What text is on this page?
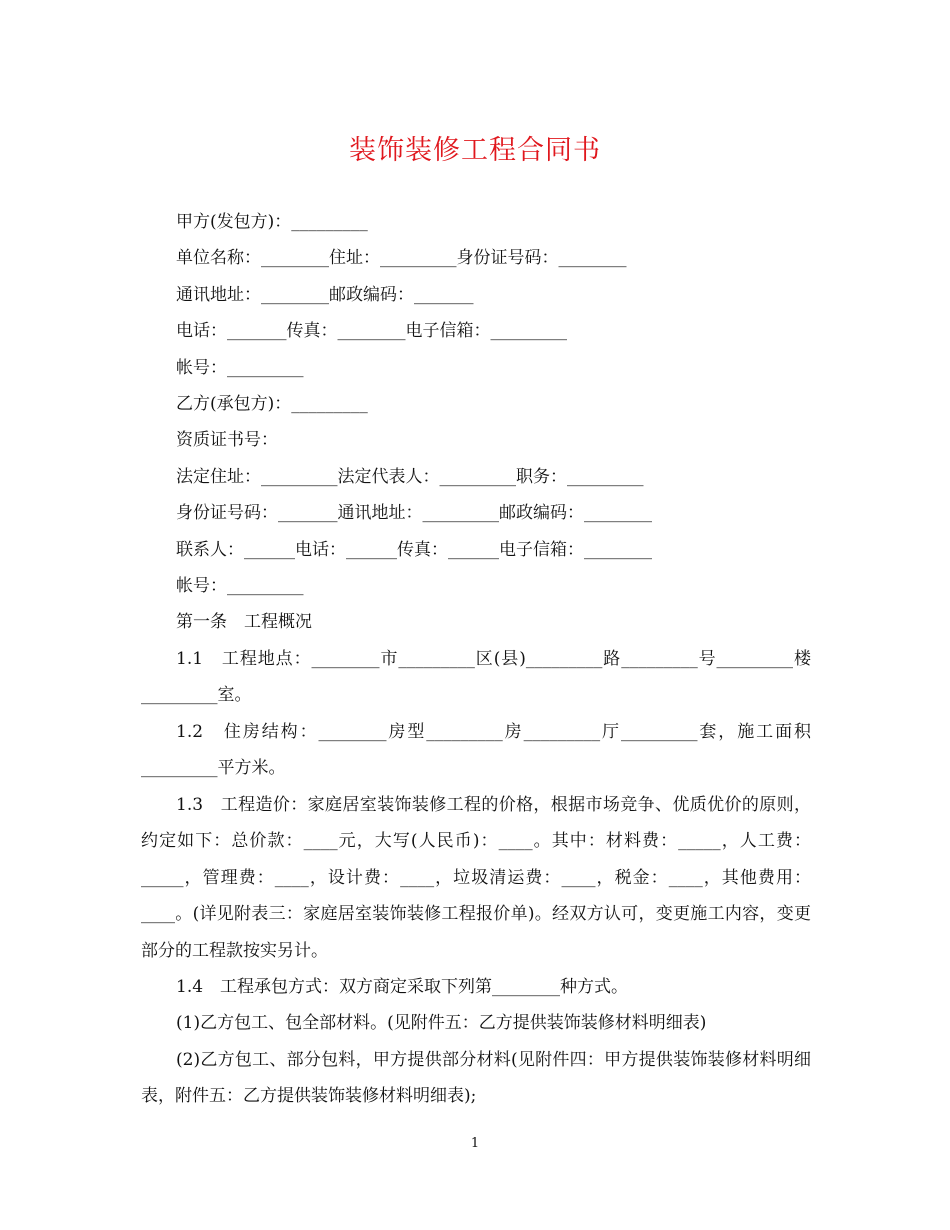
装饰装修工程合同书
甲方(发包方)：_________
单位名称：________住址：_________身份证号码：________
通讯地址：________邮政编码：_______
电话：_______传真：________电子信箱：_________
帐号：_________
乙方(承包方)：_________
资质证书号：
法定住址：_________法定代表人：_________职务：_________
身份证号码：_______通讯地址：_________邮政编码：________
联系人：______电话：______传真：______电子信箱：________
帐号：_________
第一条　工程概况
1.1　工程地点：________市_________区(县)_________路_________号_________楼_________室。
1.2　住房结构：________房型_________房_________厅_________套，施工面积_________平方米。
1.3　工程造价：家庭居室装饰装修工程的价格，根据市场竞争、优质优价的原则，约定如下：总价款：____元，大写(人民币)：____。其中：材料费：_____，人工费：_____，管理费：____，设计费：____，垃圾清运费：____，税金：____，其他费用：____。(详见附表三：家庭居室装饰装修工程报价单)。经双方认可，变更施工内容，变更部分的工程款按实另计。
1.4　工程承包方式：双方商定采取下列第________种方式。
(1)乙方包工、包全部材料。(见附件五：乙方提供装饰装修材料明细表)
(2)乙方包工、部分包料，甲方提供部分材料(见附件四：甲方提供装饰装修材料明细表，附件五：乙方提供装饰装修材料明细表);
1
